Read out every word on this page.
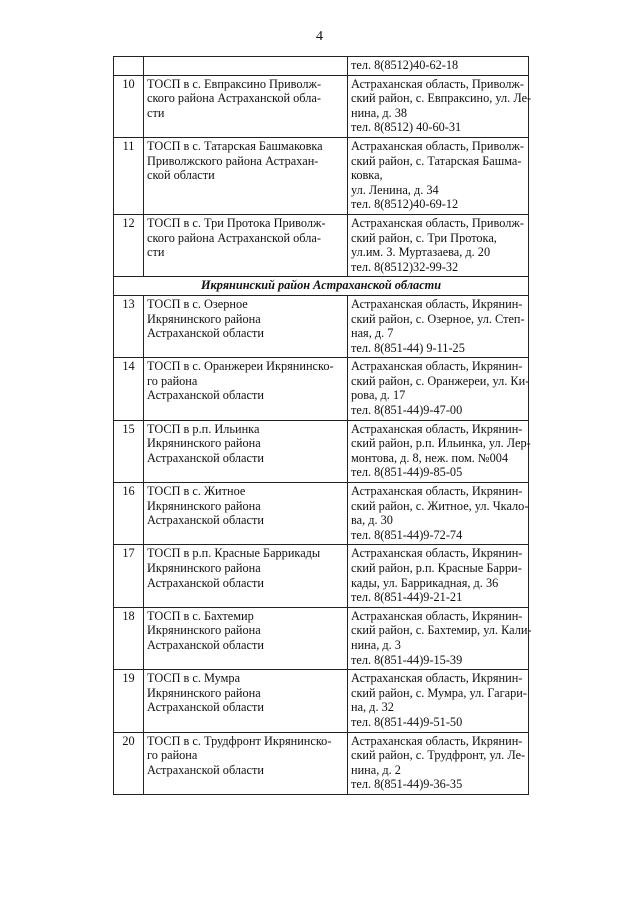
4

		тел. 8(8512)40-62-18

10	ТОСП в с. Евпраксино Приволж-
ского района Астраханской обла-
сти	Астраханская область, Приволж-
ский район, с. Евпраксино, ул. Ле-
нина, д. 38
тел. 8(8512) 40-60-31

11	ТОСП в с. Татарская Башмаковка
Приволжского района Астрахан-
ской области	Астраханская область, Приволж-
ский район, с. Татарская Башма-
ковка,
ул. Ленина, д. 34
тел. 8(8512)40-69-12

12	ТОСП в с. Три Протока Приволж-
ского района Астраханской обла-
сти	Астраханская область, Приволж-
ский район, с. Три Протока,
ул.им. З. Муртазаева, д. 20
тел. 8(8512)32-99-32

Икрянинский район Астраханской области		
13	ТОСП в с. Озерное
Икрянинского района
Астраханской области	Астраханская область, Икрянин-
ский район, с. Озерное, ул. Степ-
ная, д. 7
тел. 8(851-44) 9-11-25

14	ТОСП в с. Оранжереи Икрянинско-
го района
Астраханской области	Астраханская область, Икрянин-
ский район, с. Оранжереи, ул. Ки-
рова, д. 17
тел. 8(851-44)9-47-00

15	ТОСП в р.п. Ильинка
Икрянинского района
Астраханской области	Астраханская область, Икрянин-
ский район, р.п. Ильинка, ул. Лер-
монтова, д. 8, неж. пом. №004
тел. 8(851-44)9-85-05

16	ТОСП в с. Житное
Икрянинского района
Астраханской области	Астраханская область, Икрянин-
ский район, с. Житное, ул. Чкало-
ва, д. 30
тел. 8(851-44)9-72-74

17	ТОСП в р.п. Красные Баррикады
Икрянинского района
Астраханской области	Астраханская область, Икрянин-
ский район, р.п. Красные Барри-
кады, ул. Баррикадная, д. 36
тел. 8(851-44)9-21-21

18	ТОСП в с. Бахтемир
Икрянинского района
Астраханской области	Астраханская область, Икрянин-
ский район, с. Бахтемир, ул. Кали-
нина, д. 3
тел. 8(851-44)9-15-39

19	ТОСП в с. Мумра
Икрянинского района
Астраханской области	Астраханская область, Икрянин-
ский район, с. Мумра, ул. Гагари-
на, д. 32
тел. 8(851-44)9-51-50

20	ТОСП в с. Трудфронт Икрянинско-
го района
Астраханской области	Астраханская область, Икрянин-
ский район, с. Трудфронт, ул. Ле-
нина, д. 2
тел. 8(851-44)9-36-35
